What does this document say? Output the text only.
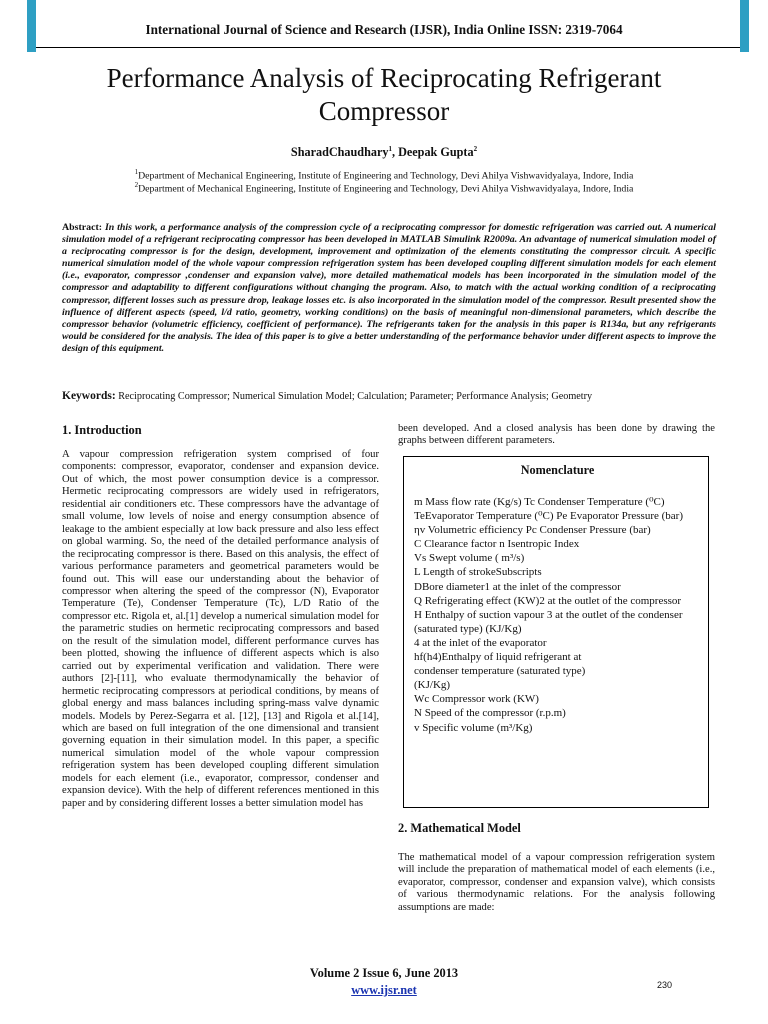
International Journal of Science and Research (IJSR), India Online ISSN: 2319-7064
Performance Analysis of Reciprocating Refrigerant
Compressor
SharadChaudhary$^1$, Deepak Gupta$^2$
$^1$Department of Mechanical Engineering, Institute of Engineering and Technology, Devi Ahilya Vishwavidyalaya, Indore, India
$^2$Department of Mechanical Engineering, Institute of Engineering and Technology, Devi Ahilya Vishwavidyalaya, Indore, India
Abstract: In this work, a performance analysis of the compression cycle of a reciprocating compressor for domestic refrigeration was carried out. A numerical simulation model of a refrigerant reciprocating compressor has been developed in MATLAB Simulink R2009a. An advantage of numerical simulation model of a reciprocating compressor is for the design, development, improvement and optimization of the elements constituting the compressor circuit. A specific numerical simulation model of the whole vapour compression refrigeration system has been developed coupling different simulation models for each element (i.e., evaporator, compressor ,condenser and expansion valve), more detailed mathematical models has been incorporated in the simulation model of the compressor and adaptability to different configurations without changing the program. Also, to match with the actual working condition of a reciprocating compressor, different losses such as pressure drop, leakage losses etc. is also incorporated in the simulation model of the compressor. Result presented show the influence of different aspects (speed, l/d ratio, geometry, working conditions) on the basis of meaningful non-dimensional parameters, which describe the compressor behavior (volumetric efficiency, coefficient of performance). The refrigerants taken for the analysis in this paper is R134a, but any refrigerants would be considered for the analysis. The idea of this paper is to give a better understanding of the performance behavior under different aspects to improve the design of this equipment.
Keywords: Reciprocating Compressor; Numerical Simulation Model; Calculation; Parameter; Performance Analysis; Geometry
1. Introduction
A vapour compression refrigeration system comprised of four components: compressor, evaporator, condenser and expansion device. Out of which, the most power consumption device is a compressor. Hermetic reciprocating compressors are widely used in refrigerators, residential air conditioners etc. These compressors have the advantage of small volume, low levels of noise and energy consumption absence of leakage to the ambient especially at low back pressure and also less effect on global warming. So, the need of the detailed performance analysis of the reciprocating compressor is there. Based on this analysis, the effect of various performance parameters and geometrical parameters would be found out. This will ease our understanding about the behavior of compressor when altering the speed of the compressor (N), Evaporator Temperature (Te), Condenser Temperature (Tc), L/D Ratio of the compressor etc. Rigola et, al.[1] develop a numerical simulation model for the parametric studies on hermetic reciprocating compressors and based on the result of the simulation model, different performance curves has been plotted, showing the influence of different aspects which is also carried out by experimental verification and validation. There were authors [2]-[11], who evaluate thermodynamically the behavior of hermetic reciprocating compressors at periodical conditions, by means of global energy and mass balances including spring-mass valve dynamic models. Models by Perez-Segarra et al. [12], [13] and Rigola et al.[14], which are based on full integration of the one dimensional and transient governing equation in their simulation model. In this paper, a specific numerical simulation model of the whole vapour compression refrigeration system has been developed coupling different simulation models for each element (i.e., evaporator, compressor, condenser and expansion device). With the help of different references mentioned in this paper and by considering different losses a better simulation model has
been developed. And a closed analysis has been done by drawing the graphs between different parameters.
Nomenclature
m Mass flow rate (Kg/s) Tc Condenser Temperature (⁰C)
TeEvaporator Temperature (⁰C) Pe Evaporator Pressure (bar)
ηv Volumetric efficiency Pc Condenser Pressure (bar)
C Clearance factor n Isentropic Index
Vs Swept volume ( m³/s)
L Length of strokeSubscripts
DBore diameter1 at the inlet of the compressor
Q Refrigerating effect (KW)2 at the outlet of the compressor
H Enthalpy of suction vapour 3 at the outlet of the condenser
(saturated type) (KJ/Kg)
4 at the inlet of the evaporator
hf(h4)Enthalpy of liquid refrigerant at
condenser temperature (saturated type)
(KJ/Kg)
Wc Compressor work (KW)
N Speed of the compressor (r.p.m)
v Specific volume (m³/Kg)
2. Mathematical Model
The mathematical model of a vapour compression refrigeration system will include the preparation of mathematical model of each elements (i.e., evaporator, compressor, condenser and expansion valve), which consists of various thermodynamic relations. For the analysis following assumptions are made:
Volume 2 Issue 6, June 2013
www.ijsr.net	230
